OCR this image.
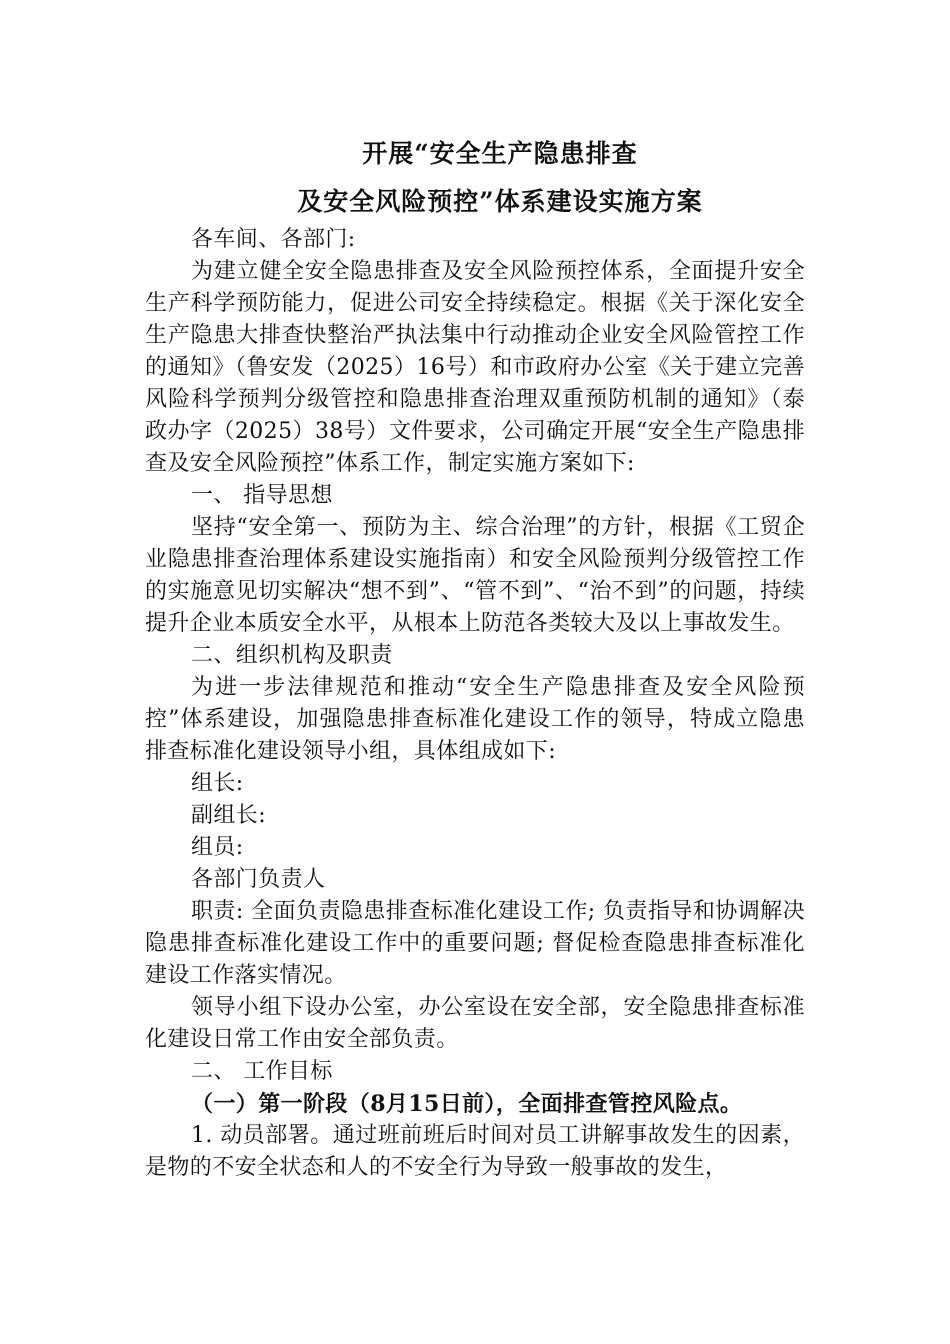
开展“安全生产隐患排查
及安全风险预控”体系建设实施方案

各车间、各部门:

为建立健全安全隐患排查及安全风险预控体系，全面提升安全生产科学预防能力，促进公司安全持续稳定。根据《关于深化安全生产隐患大排查快整治严执法集中行动推动企业安全风险管控工作的通知》（鲁安发（2025）16号）和市政府办公室《关于建立完善风险科学预判分级管控和隐患排查治理双重预防机制的通知》（泰政办字（2025）38号）文件要求，公司确定开展“安全生产隐患排查及安全风险预控”体系工作，制定实施方案如下:

一、 指导思想

坚持“安全第一、预防为主、综合治理”的方针，根据《工贸企业隐患排查治理体系建设实施指南）和安全风险预判分级管控工作的实施意见切实解决“想不到”、“管不到”、“治不到”的问题，持续提升企业本质安全水平，从根本上防范各类较大及以上事故发生。

二、组织机构及职责

为进一步法律规范和推动“安全生产隐患排查及安全风险预控”体系建设，加强隐患排查标准化建设工作的领导，特成立隐患排查标准化建设领导小组，具体组成如下:

组长:

副组长:

组员:

各部门负责人

职责: 全面负责隐患排查标准化建设工作; 负责指导和协调解决隐患排查标准化建设工作中的重要问题; 督促检查隐患排查标准化建设工作落实情况。

领导小组下设办公室，办公室设在安全部，安全隐患排查标准化建设日常工作由安全部负责。

二、 工作目标

（一）第一阶段（8月15日前），全面排查管控风险点。

1. 动员部署。通过班前班后时间对员工讲解事故发生的因素，是物的不安全状态和人的不安全行为导致一般事故的发生，
